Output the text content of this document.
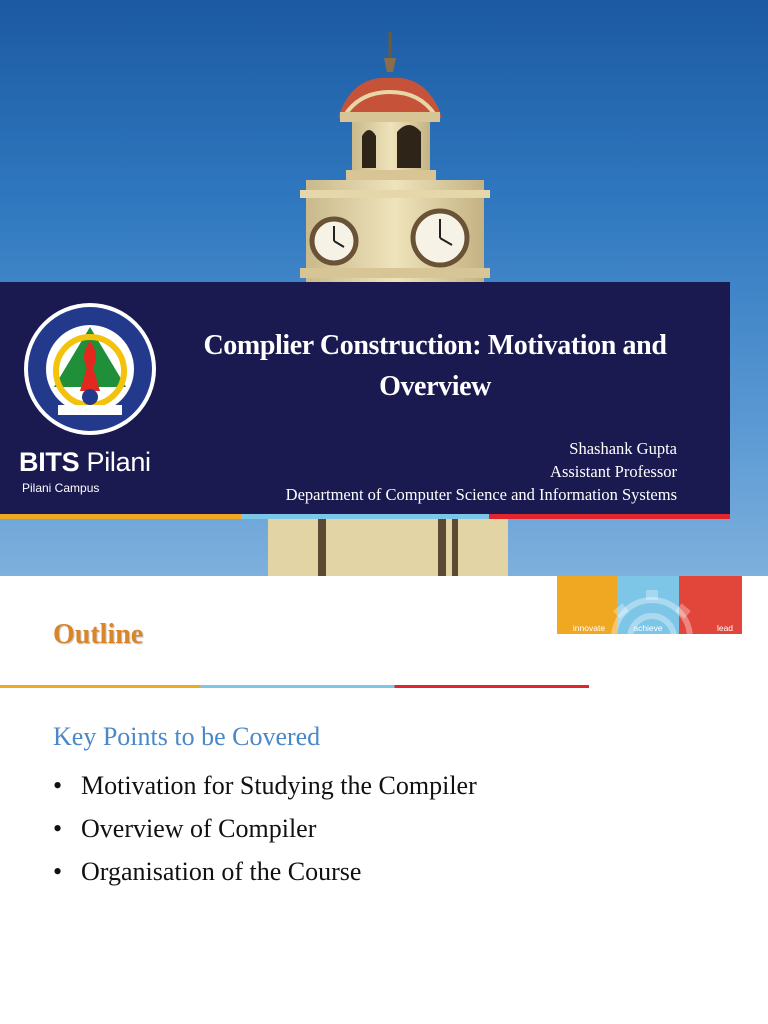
BITS Pilani
Pilani Campus
Complier Construction: Motivation and Overview
Shashank Gupta
Assistant Professor
Department of Computer Science and Information Systems
innovate	achieve	lead
Outline
Key Points to be Covered
• Motivation for Studying the Compiler
• Overview of Compiler
• Organisation of the Course
